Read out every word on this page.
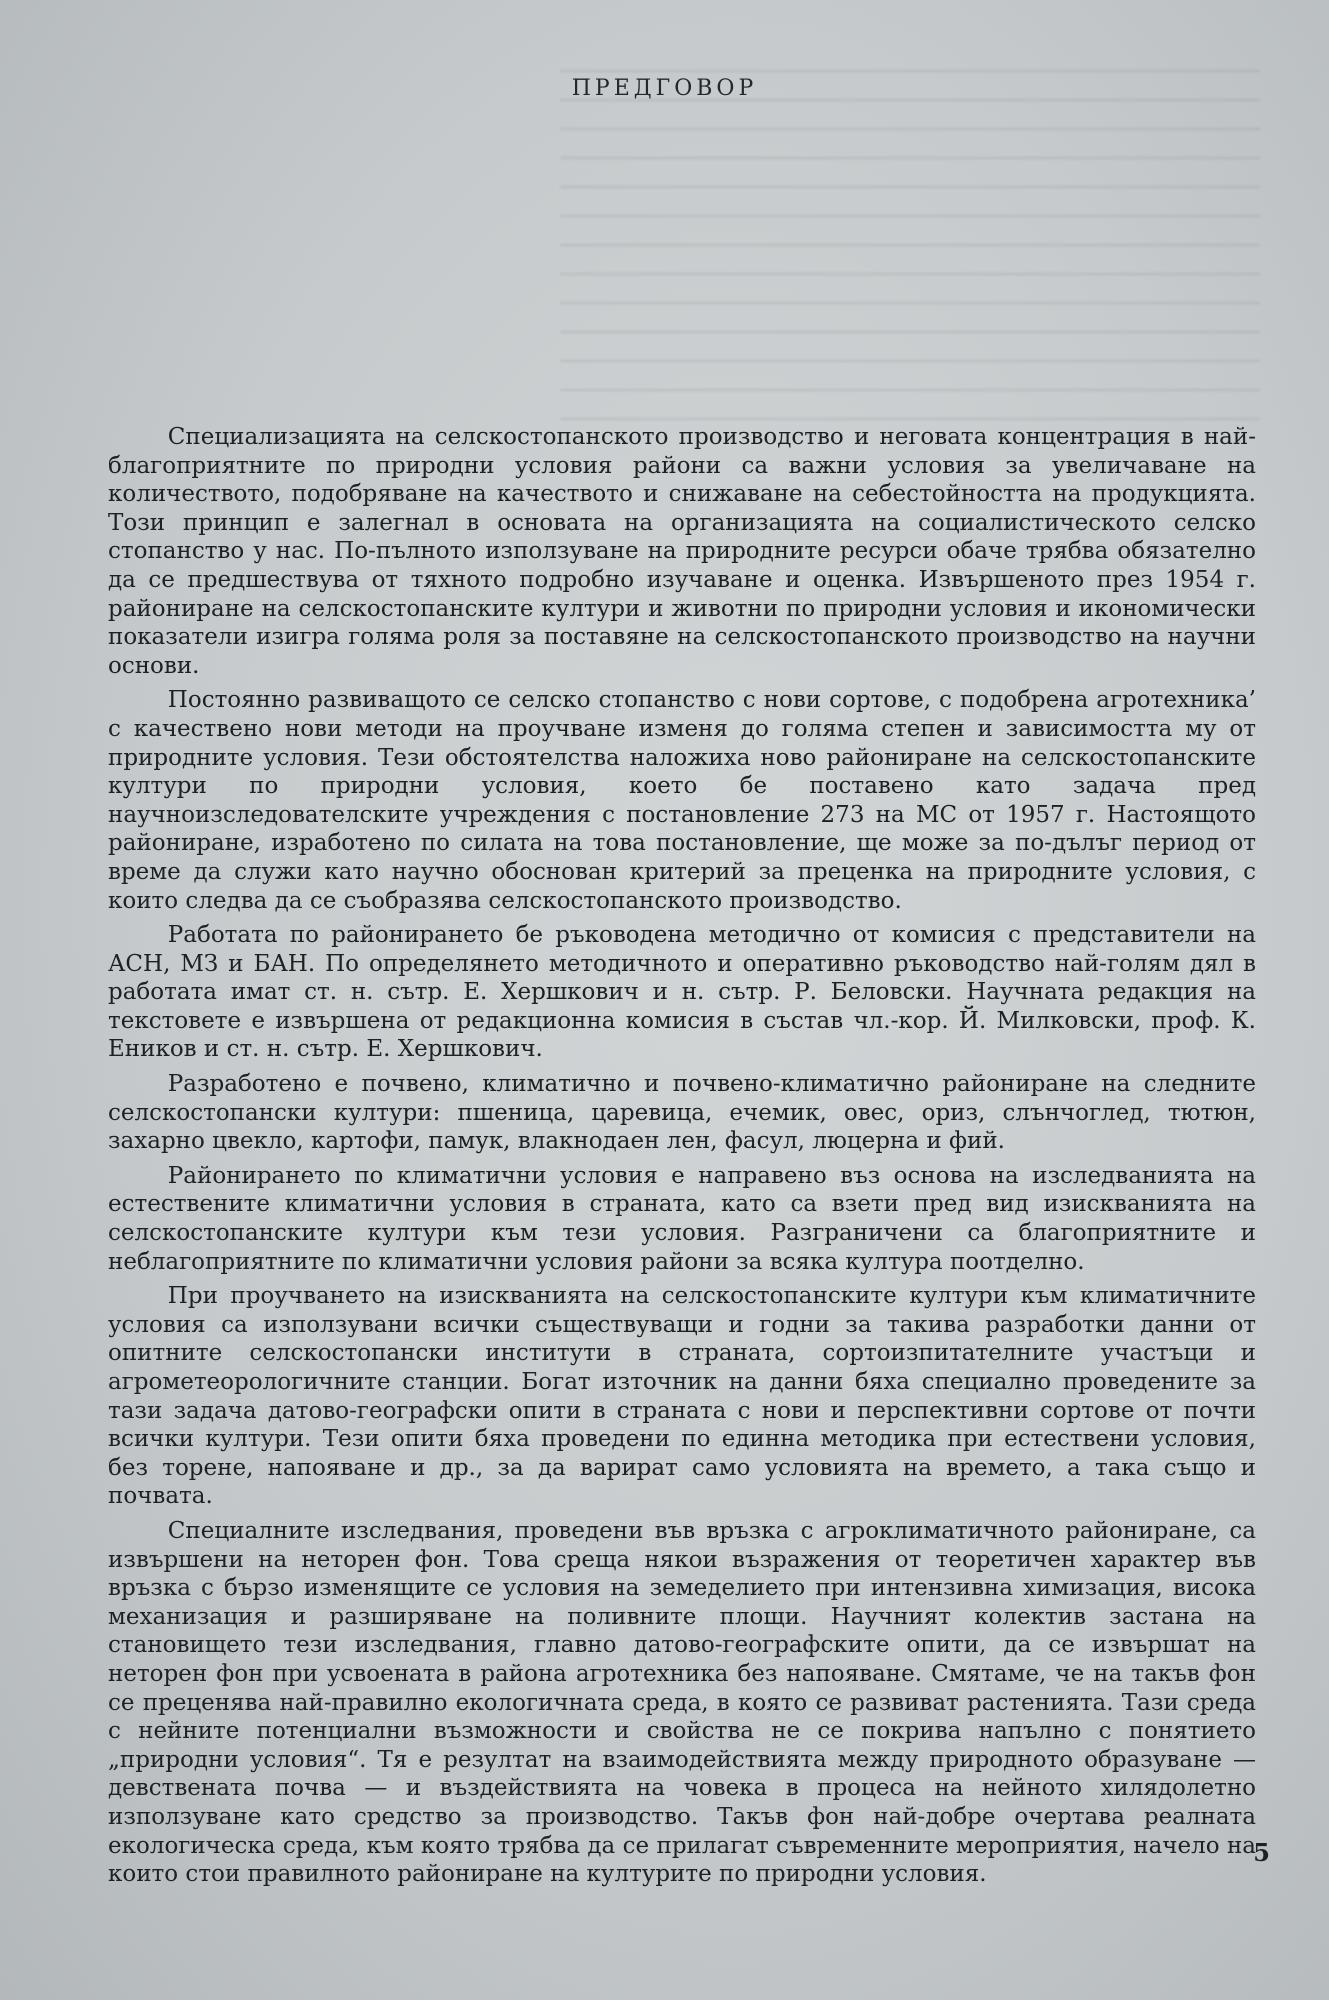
ПРЕДГОВОР

Специализацията на селскостопанското производство и неговата концентрация в най-благоприятните по природни условия райони са важни условия за увеличаване на количеството, подобряване на качеството и снижаване на себестойността на продукцията. Този принцип е залегнал в основата на организацията на социалистическото селско стопанство у нас. По-пълното използуване на природните ресурси обаче трябва обязателно да се предшествува от тяхното подробно изучаване и оценка. Извършеното през 1954 г. райониране на селскостопанските култури и животни по природни условия и икономически показатели изигра голяма роля за поставяне на селскостопанското производство на научни основи.

Постоянно развиващото се селско стопанство с нови сортове, с подобрена агротехника’ с качествено нови методи на проучване изменя до голяма степен и зависимостта му от природните условия. Тези обстоятелства наложиха ново райониране на селскостопанските култури по природни условия, което бе поставено като задача пред научноизследователските учреждения с постановление 273 на МС от 1957 г. Настоящото райониране, изработено по силата на това постановление, ще може за по-дълъг период от време да служи като научно обоснован критерий за преценка на природните условия, с които следва да се съобразява селскостопанското производство.

Работата по районирането бе ръководена методично от комисия с представители на АСН, МЗ и БАН. По определянето методичното и оперативно ръководство най-голям дял в работата имат ст. н. сътр. Е. Хершкович и н. сътр. Р. Беловски. Научната редакция на текстовете е извършена от редакционна комисия в състав чл.-кор. Й. Милковски, проф. К. Еников и ст. н. сътр. Е. Хершкович.

Разработено е почвено, климатично и почвено-климатично райониране на следните селскостопански култури: пшеница, царевица, ечемик, овес, ориз, слънчоглед, тютюн, захарно цвекло, картофи, памук, влакнодаен лен, фасул, люцерна и фий.

Районирането по климатични условия е направено въз основа на изследванията на естествените климатични условия в страната, като са взети пред вид изискванията на селскостопанските култури към тези условия. Разграничени са благоприятните и неблагоприятните по климатични условия райони за всяка култура поотделно.

При проучването на изискванията на селскостопанските култури към климатичните условия са използувани всички съществуващи и годни за такива разработки данни от опитните селскостопански институти в страната, сортоизпитателните участъци и агрометеорологичните станции. Богат източник на данни бяха специално проведените за тази задача датово-географски опити в страната с нови и перспективни сортове от почти всички култури. Тези опити бяха проведени по единна методика при естествени условия, без торене, напояване и др., за да варират само условията на времето, а така също и почвата.

Специалните изследвания, проведени във връзка с агроклиматичното райониране, са извършени на неторен фон. Това среща някои възражения от теоретичен характер във връзка с бързо изменящите се условия на земеделието при интензивна химизация, висока механизация и разширяване на поливните площи. Научният колектив застана на становището тези изследвания, главно датово-географските опити, да се извършат на неторен фон при усвоената в района агротехника без напояване. Смятаме, че на такъв фон се преценява най-правилно екологичната среда, в която се развиват растенията. Тази среда с нейните потенциални възможности и свойства не се покрива напълно с понятието „природни условия“. Тя е резултат на взаимодействията между природното образуване — девствената почва — и въздействията на човека в процеса на нейното хилядолетно използуване като средство за производство. Такъв фон най-добре очертава реалната екологическа среда, към която трябва да се прилагат съвременните мероприятия, начело на които стои правилното райониране на културите по природни условия.

5
